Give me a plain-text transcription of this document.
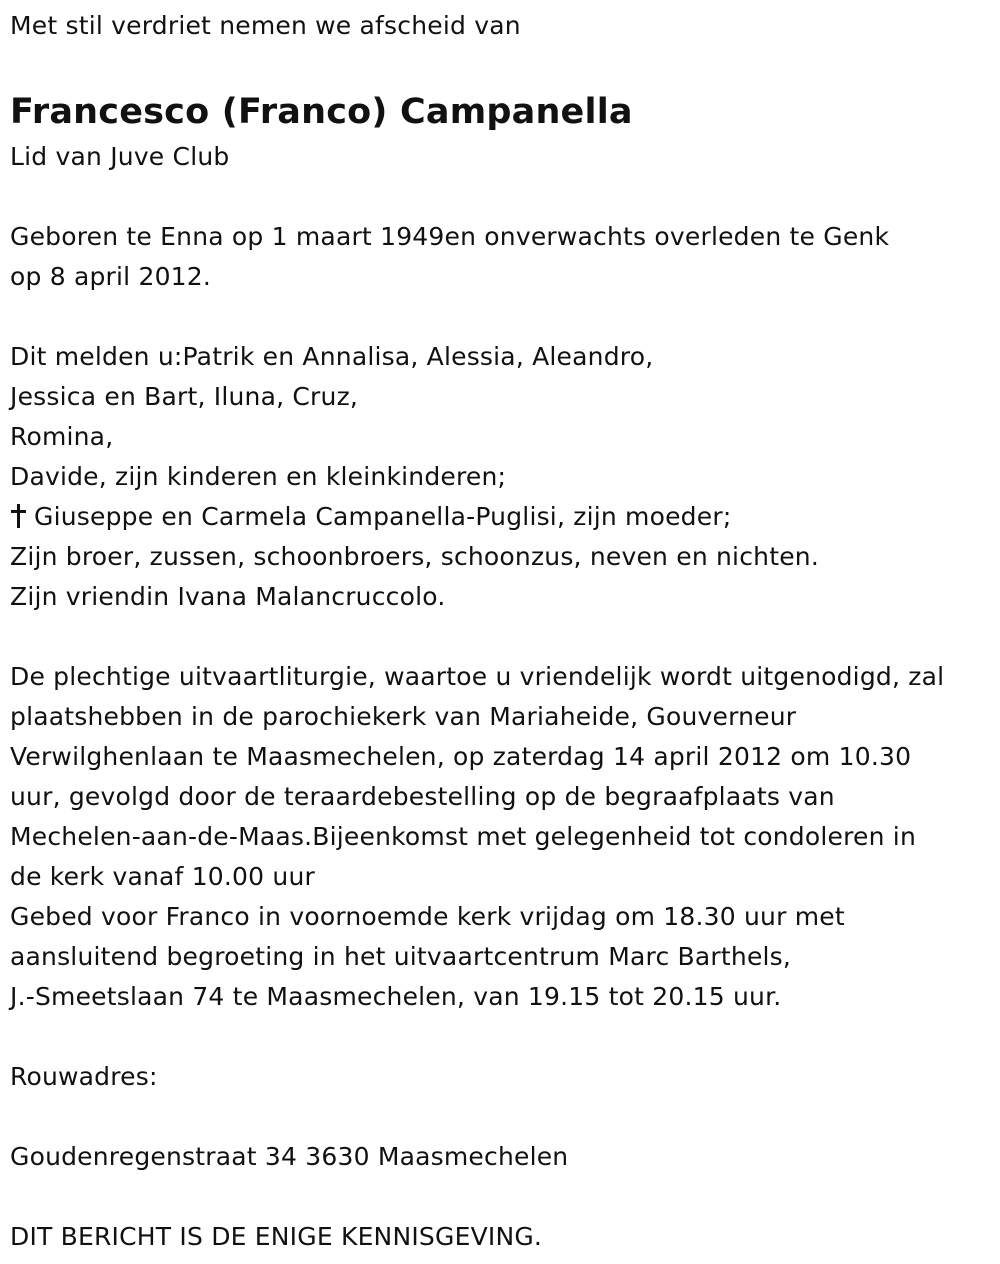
Met stil verdriet nemen we afscheid van
Francesco (Franco) Campanella
Lid van Juve Club
Geboren te Enna op 1 maart 1949en onverwachts overleden te Genk
op 8 april 2012.
Dit melden u:Patrik en Annalisa, Alessia, Aleandro,
Jessica en Bart, Iluna, Cruz,
Romina,
Davide, zijn kinderen en kleinkinderen;
Giuseppe en Carmela Campanella-Puglisi, zijn moeder;
Zijn broer, zussen, schoonbroers, schoonzus, neven en nichten.
Zijn vriendin Ivana Malancruccolo.
De plechtige uitvaartliturgie, waartoe u vriendelijk wordt uitgenodigd, zal
plaatshebben in de parochiekerk van Mariaheide, Gouverneur
Verwilghenlaan te Maasmechelen, op zaterdag 14 april 2012 om 10.30
uur, gevolgd door de teraardebestelling op de begraafplaats van
Mechelen-aan-de-Maas.Bijeenkomst met gelegenheid tot condoleren in
de kerk vanaf 10.00 uur
Gebed voor Franco in voornoemde kerk vrijdag om 18.30 uur met
aansluitend begroeting in het uitvaartcentrum Marc Barthels,
J.-Smeetslaan 74 te Maasmechelen, van 19.15 tot 20.15 uur.
Rouwadres:
Goudenregenstraat 34 3630 Maasmechelen
DIT BERICHT IS DE ENIGE KENNISGEVING.
